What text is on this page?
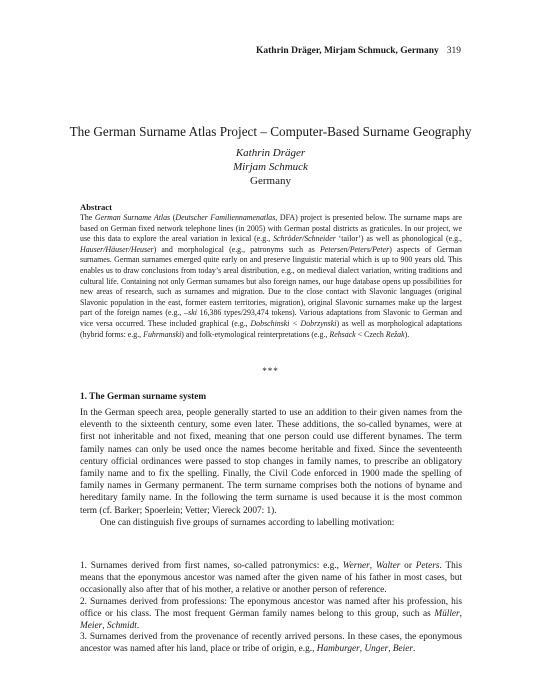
Kathrin Dräger, Mirjam Schmuck, Germany 319
The German Surname Atlas Project – Computer-Based Surname Geography
Kathrin Dräger
Mirjam Schmuck
Germany
Abstract

The German Surname Atlas (Deutscher Familiennamenatlas, DFA) project is presented below. The surname maps are based on German fixed network telephone lines (in 2005) with German postal districts as graticules. In our project, we use this data to explore the areal variation in lexical (e.g., Schröder/Schneider ‘tailor’) as well as phonological (e.g., Hauser/Häuser/Heuser) and morphological (e.g., patronyms such as Petersen/Peters/Peter) aspects of German surnames. German surnames emerged quite early on and preserve linguistic material which is up to 900 years old. This enables us to draw conclusions from today’s areal distribution, e.g., on medieval dialect variation, writing traditions and cultural life. Containing not only German surnames but also foreign names, our huge database opens up possibilities for new areas of research, such as surnames and migration. Due to the close contact with Slavonic languages (original Slavonic population in the east, former eastern territories, migration), original Slavonic surnames make up the largest part of the foreign names (e.g., –ski 16,386 types/293,474 tokens). Various adaptations from Slavonic to German and vice versa occurred. These included graphical (e.g., Dobschinski < Dobrzynski) as well as morphological adaptations (hybrid forms: e.g., Fuhrmanski) and folk-etymological reinterpretations (e.g., Rehsack < Czech Režak).

***
1. The German surname system

In the German speech area, people generally started to use an addition to their given names from the eleventh to the sixteenth century, some even later. These additions, the so-called bynames, were at first not inheritable and not fixed, meaning that one person could use different bynames. The term family names can only be used once the names become heritable and fixed. Since the seventeenth century official ordinances were passed to stop changes in family names, to prescribe an obligatory family name and to fix the spelling. Finally, the Civil Code enforced in 1900 made the spelling of family names in Germany permanent. The term surname comprises both the notions of byname and hereditary family name. In the following the term surname is used because it is the most common term (cf. Barker; Spoerlein; Vetter; Viereck 2007: 1).

One can distinguish five groups of surnames according to labelling motivation:

1. Surnames derived from first names, so-called patronymics: e.g., Werner, Walter or Peters. This means that the eponymous ancestor was named after the given name of his father in most cases, but occasionally also after that of his mother, a relative or another person of reference.

2. Surnames derived from professions: The eponymous ancestor was named after his profession, his office or his class. The most frequent German family names belong to this group, such as Müller, Meier, Schmidt.

3. Surnames derived from the provenance of recently arrived persons. In these cases, the eponymous ancestor was named after his land, place or tribe of origin, e.g., Hamburger, Unger, Beier.
